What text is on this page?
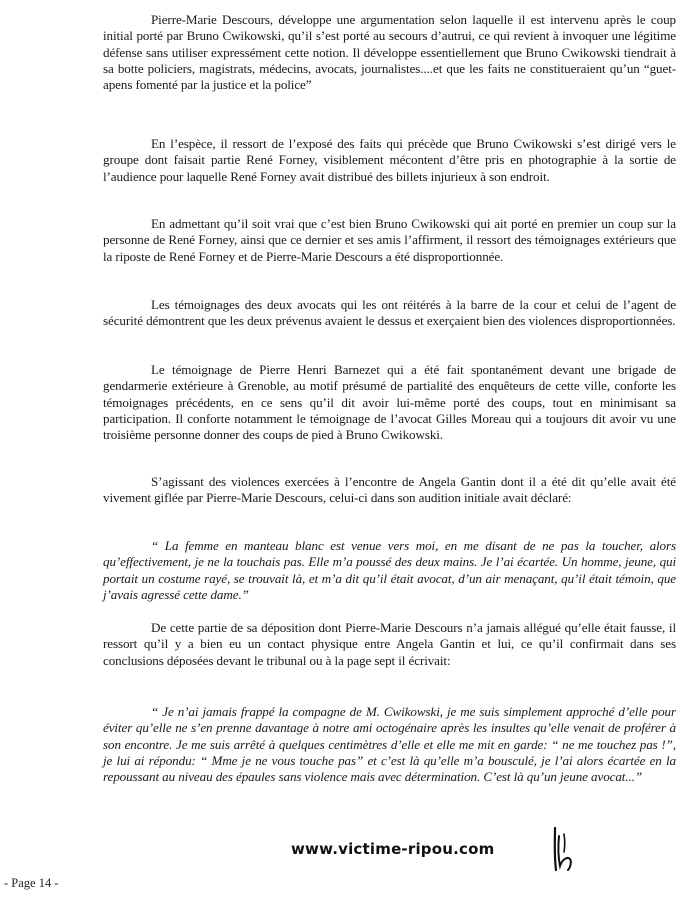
Pierre-Marie Descours, développe une argumentation selon laquelle il est intervenu après le coup initial porté par Bruno Cwikowski, qu’il s’est porté au secours d’autrui, ce qui revient à invoquer une légitime défense sans utiliser expressément cette notion. Il développe essentiellement que Bruno Cwikowski tiendrait à sa botte policiers, magistrats, médecins, avocats, journalistes....et que les faits ne constitueraient qu’un “guet-apens fomenté par la justice et la police”

En l’espèce, il ressort de l’exposé des faits qui précède que Bruno Cwikowski s’est dirigé vers le groupe dont faisait partie René Forney, visiblement mécontent d’être pris en photographie à la sortie de l’audience pour laquelle René Forney avait distribué des billets injurieux à son endroit.

En admettant qu’il soit vrai que c’est bien Bruno Cwikowski qui ait porté en premier un coup sur la personne de René Forney, ainsi que ce dernier et ses amis l’affirment, il ressort des témoignages extérieurs que la riposte de René Forney et de Pierre-Marie Descours a été disproportionnée.

Les témoignages des deux avocats qui les ont réitérés à la barre de la cour et celui de l’agent de sécurité démontrent que les deux prévenus avaient le dessus et exerçaient bien des violences disproportionnées.

Le témoignage de Pierre Henri Barnezet qui a été fait spontanément devant une brigade de gendarmerie extérieure à Grenoble, au motif présumé de partialité des enquêteurs de cette ville, conforte les témoignages précédents, en ce sens qu’il dit avoir lui-même porté des coups, tout en minimisant sa participation. Il conforte notamment le témoignage de l’avocat Gilles Moreau qui a toujours dit avoir vu une troisième personne donner des coups de pied à Bruno Cwikowski.

S’agissant des violences exercées à l’encontre de Angela Gantin dont il a été dit qu’elle avait été vivement giflée par Pierre-Marie Descours, celui-ci dans son audition initiale avait déclaré:

“ La femme en manteau blanc est venue vers moi, en me disant de ne pas la toucher, alors qu’effectivement, je ne la touchais pas. Elle m’a poussé des deux mains. Je l’ai écartée. Un homme, jeune, qui portait un costume rayé, se trouvait là, et m’a dit qu’il était avocat, d’un air menaçant, qu’il était témoin, que j’avais agressé cette dame.”

De cette partie de sa déposition dont Pierre-Marie Descours n’a jamais allégué qu’elle était fausse, il ressort qu’il y a bien eu un contact physique entre Angela Gantin et lui, ce qu’il confirmait dans ses conclusions déposées devant le tribunal ou à la page sept il écrivait:

“ Je n’ai jamais frappé la compagne de M. Cwikowski, je me suis simplement approché d’elle pour éviter qu’elle ne s’en prenne davantage à notre ami octogénaire après les insultes qu’elle venait de proférer à son encontre. Je me suis arrêté à quelques centimètres d’elle et elle me mit en garde: “ ne me touchez pas !”, je lui ai répondu: “ Mme je ne vous touche pas” et c’est là qu’elle m’a bousculé, je l’ai alors écartée en la repoussant au niveau des épaules sans violence mais avec détermination. C’est là qu’un jeune avocat...”

www.victime-ripou.com
- Page 14 -
